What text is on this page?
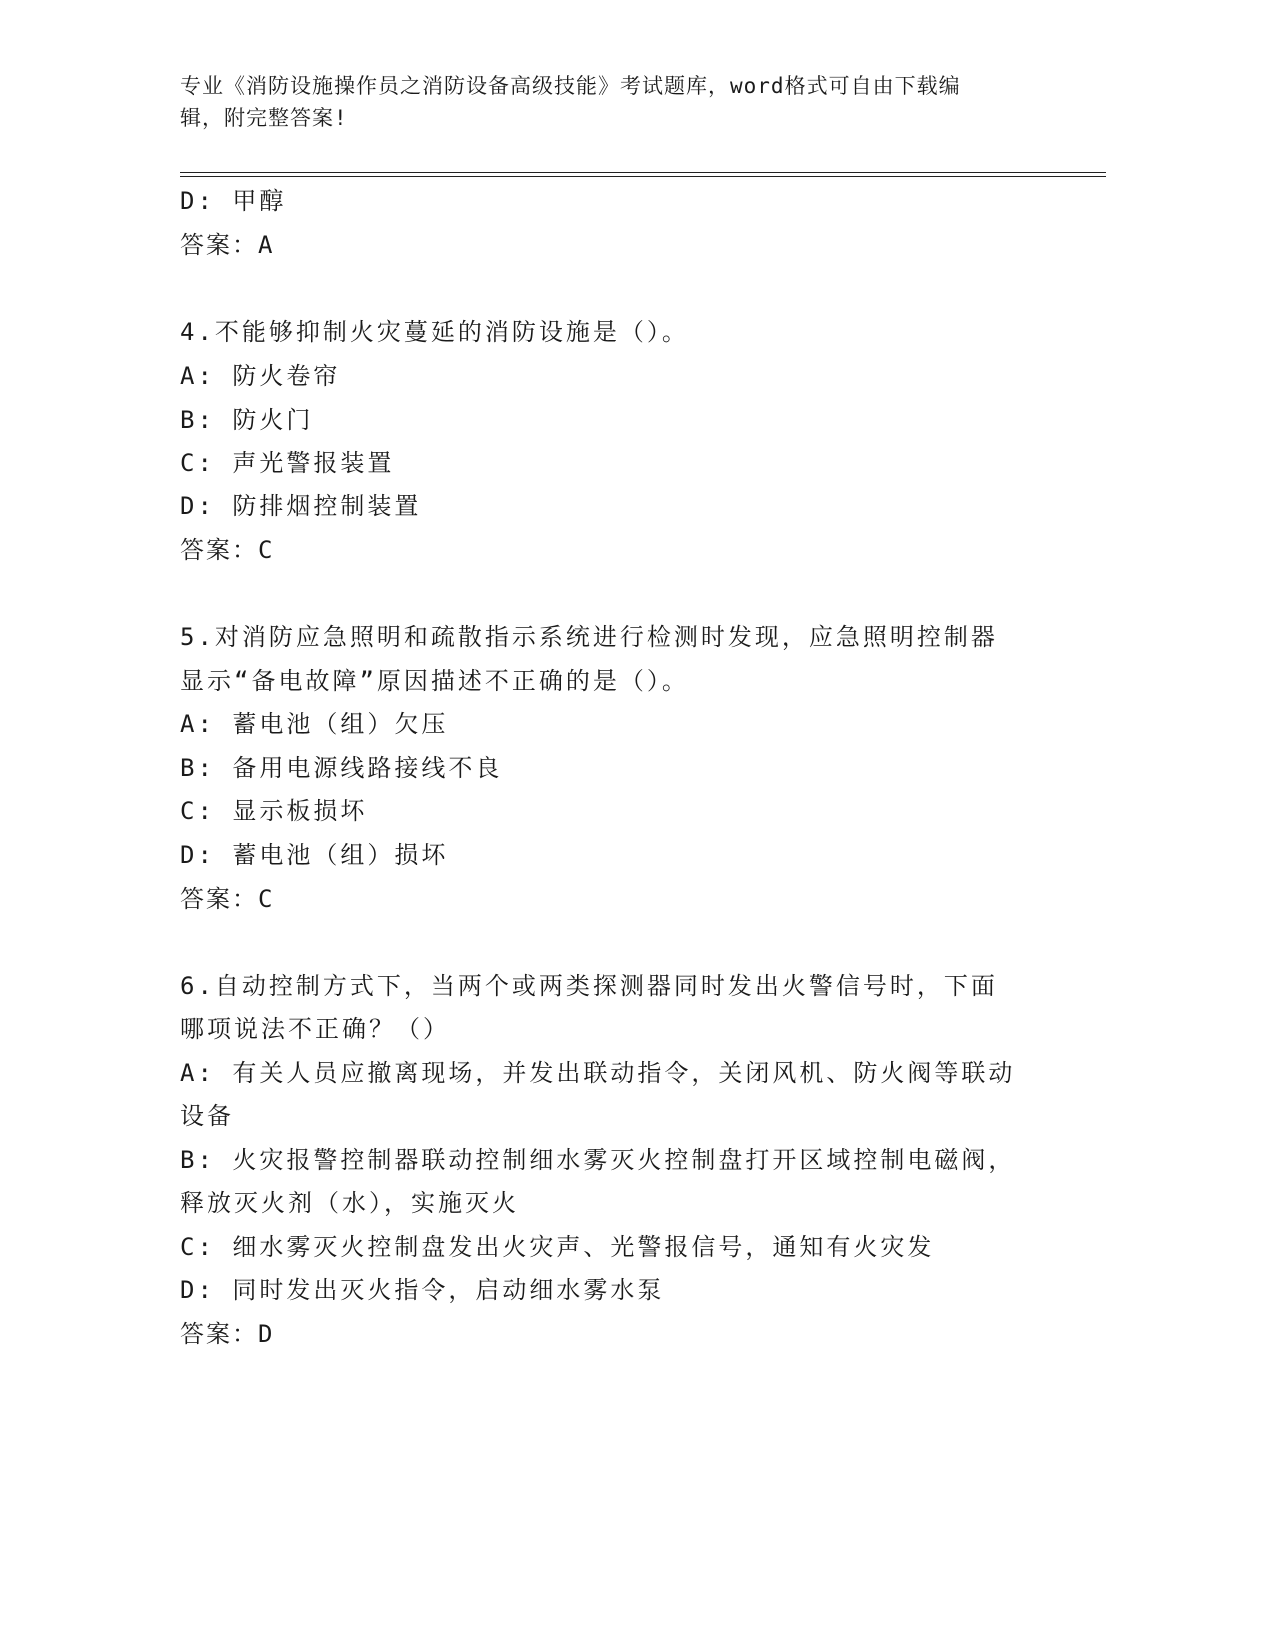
专业《消防设施操作员之消防设备高级技能》考试题库，word格式可自由下载编
辑，附完整答案!
D: 甲醇
答案：A
4.不能够抑制火灾蔓延的消防设施是（）。
A: 防火卷帘
B: 防火门
C: 声光警报装置
D: 防排烟控制装置
答案：C
5.对消防应急照明和疏散指示系统进行检测时发现，应急照明控制器
显示“备电故障”原因描述不正确的是（）。
A: 蓄电池（组）欠压
B: 备用电源线路接线不良
C: 显示板损坏
D: 蓄电池（组）损坏
答案：C
6.自动控制方式下，当两个或两类探测器同时发出火警信号时，下面
哪项说法不正确？（）
A: 有关人员应撤离现场，并发出联动指令，关闭风机、防火阀等联动
设备
B: 火灾报警控制器联动控制细水雾灭火控制盘打开区域控制电磁阀，
释放灭火剂（水），实施灭火
C: 细水雾灭火控制盘发出火灾声、光警报信号，通知有火灾发
D: 同时发出灭火指令，启动细水雾水泵
答案：D
